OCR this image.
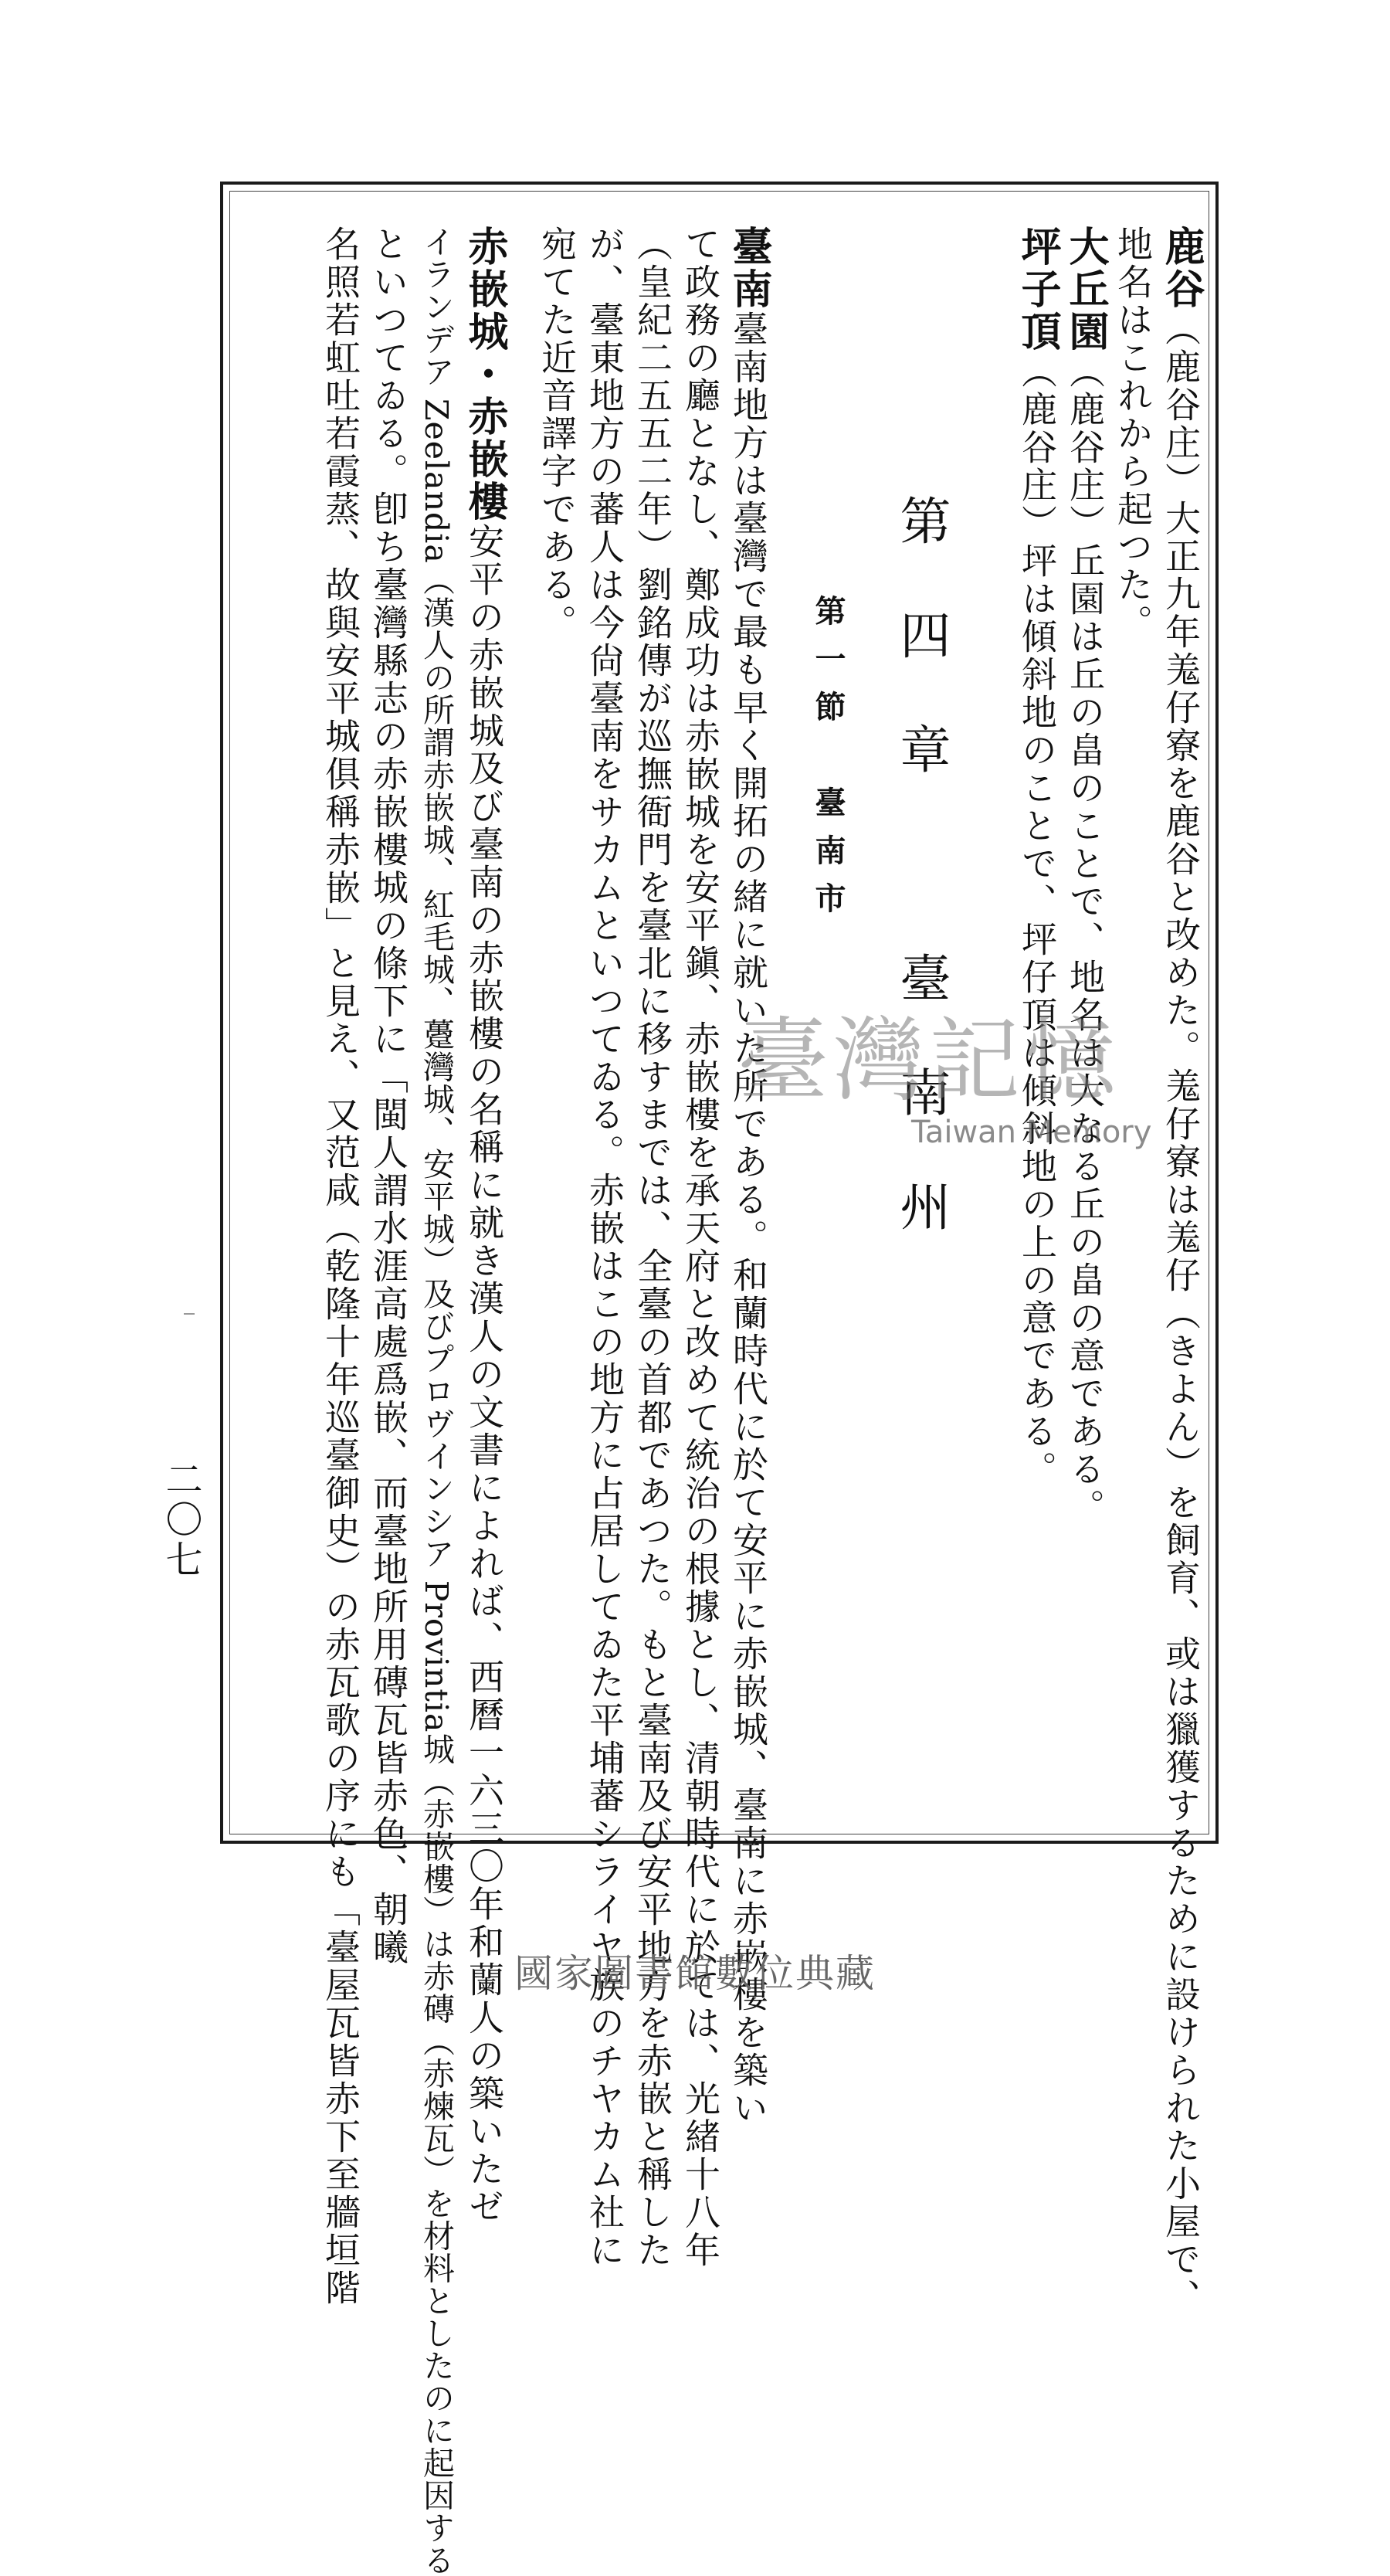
鹿谷（鹿谷庄）大正九年羗仔寮を鹿谷と改めた。羗仔寮は羗仔（きよん）を飼育、或は獵獲するために設けられた小屋で、
地名はこれから起つた。
大丘園（鹿谷庄）丘園は丘の畠のことで、地名は大なる丘の畠の意である。
坪子頂（鹿谷庄）坪は傾斜地のことで、坪仔頂は傾斜地の上の意である。
第四章　臺南州
第一節　臺南市
臺南臺南地方は臺灣で最も早く開拓の緒に就いた所である。和蘭時代に於て安平に赤嵌城、臺南に赤嵌樓を築い
て政務の廳となし、鄭成功は赤嵌城を安平鎭、赤嵌樓を承天府と改めて統治の根據とし、清朝時代に於ては、光緒十八年
（皇紀二五五二年）劉銘傳が巡撫衙門を臺北に移すまでは、全臺の首都であつた。もと臺南及び安平地方を赤嵌と稱した
が、臺東地方の蕃人は今尙臺南をサカムといつてゐる。赤嵌はこの地方に占居してゐた平埔蕃シライヤ族のチヤカム社に
宛てた近音譯字である。
赤嵌城・赤嵌樓安平の赤嵌城及び臺南の赤嵌樓の名稱に就き漢人の文書によれば、西曆一六三〇年和蘭人の築いたゼ
イランデア Zeelandia（漢人の所謂赤嵌城、紅毛城、躉灣城、安平城）及びプロヴインシア Provintia城（赤嵌樓）は赤磚（赤煉瓦）を材料としたのに起因する
といつてゐる。卽ち臺灣縣志の赤嵌樓城の條下に「閩人謂水涯高處爲嵌、而臺地所用磚瓦皆赤色、朝曦
名照若虹吐若霞蒸、故與安平城俱稱赤嵌」と見え、又范咸（乾隆十年巡臺御史）の赤瓦歌の序にも「臺屋瓦皆赤下至牆垣階
二〇七
臺灣記憶
Taiwan Memory
國家圖書館數位典藏
